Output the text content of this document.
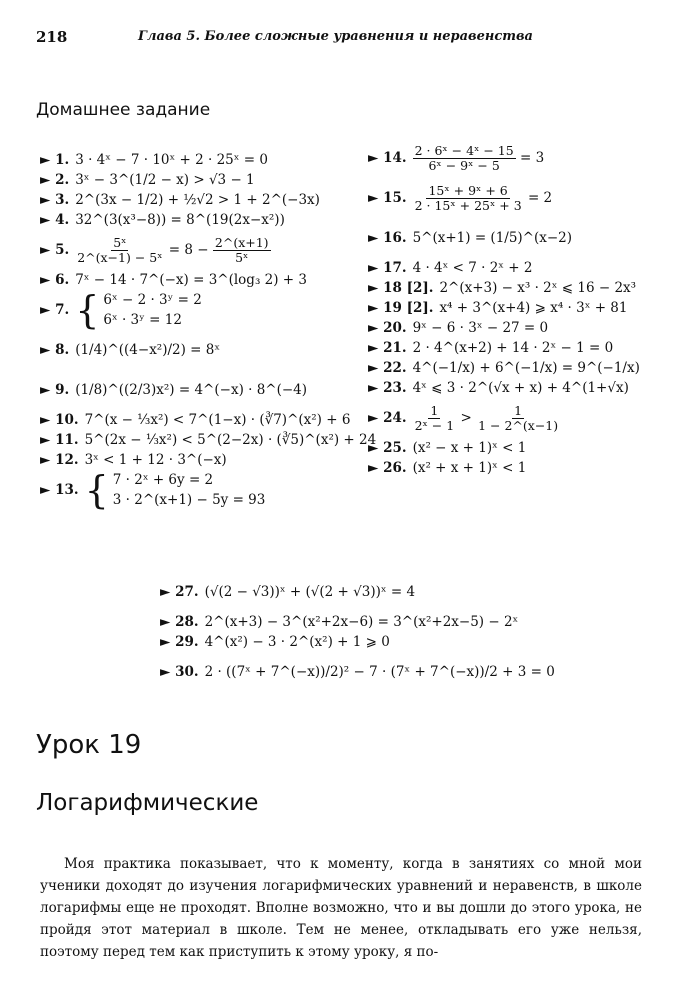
218	Глава 5. Более сложные уравнения и неравенства
Домашнее задание
► 1. 3 · 4ˣ − 7 · 10ˣ + 2 · 25ˣ = 0
► 2. 3ˣ − 3^(1/2 − x) > √3 − 1
► 3. 2^(3x − 1/2) + ½√2 > 1 + 2^(−3x)
► 4. 32^(3(x³−8)) = 8^(19(2x−x²))
► 5. $\frac{\text{5ˣ}}{\text{2\textasciicircum{}(x−1) − 5ˣ}} = 8 - \frac{2\^{}(x+1)}{\text{5ˣ}}$
► 6. 7ˣ − 14 · 7^(−x) = 3^(log₃ 2) + 3
► 7. { 6ˣ − 2 · 3ʸ = 2
6ˣ · 3ʸ = 12
► 8. (1/4)^((4−x²)/2) = 8ˣ
► 9. (1/8)^((2/3)x²) = 4^(−x) · 8^(−4)
► 10. 7^(x − ⅓x²) < 7^(1−x) · (∛7)^(x²) + 6
► 11. 5^(2x − ⅓x²) < 5^(2−2x) · (∛5)^(x²) + 24
► 12. 3ˣ < 1 + 12 · 3^(−x)
► 13. { 7 · 2ˣ + 6y = 2
3 · 2^(x+1) − 5y = 93
► 14. $\frac{\text{2 · 6ˣ − 4ˣ − 15}}{\text{6ˣ − 9ˣ − 5}} = 3$
► 15. $\frac{\text{15ˣ + 9ˣ + 6}}{\text{2 · 15ˣ + 25ˣ + 3}} = 2$
► 16. 5^(x+1) = (1/5)^(x−2)
► 17. 4 · 4ˣ < 7 · 2ˣ + 2
► 18 [2]. 2^(x+3) − x³ · 2ˣ ⩽ 16 − 2x³
► 19 [2]. x⁴ + 3^(x+4) ⩾ x⁴ · 3ˣ + 81
► 20. 9ˣ − 6 · 3ˣ − 27 = 0
► 21. 2 · 4^(x+2) + 14 · 2ˣ − 1 = 0
► 22. 4^(−1/x) + 6^(−1/x) = 9^(−1/x)
► 23. 4ˣ ⩽ 3 · 2^(√x + x) + 4^(1+√x)
► 24. $\frac{1}{\text{2ˣ − 1}} > \frac{1}{1 - 2\^{}(x-1)}$
► 25. (x² − x + 1)ˣ < 1
► 26. (x² + x + 1)ˣ < 1
► 27. (√(2 − √3))ˣ + (√(2 + √3))ˣ = 4
► 28. 2^(x+3) − 3^(x²+2x−6) = 3^(x²+2x−5) − 2ˣ
► 29. 4^(x²) − 3 · 2^(x²) + 1 ⩾ 0
► 30. 2 · ((7ˣ + 7^(−x))/2)² − 7 · (7ˣ + 7^(−x))/2 + 3 = 0
Урок 19
Логарифмические
Моя практика показывает, что к моменту, когда в занятиях со мной мои ученики доходят до изучения логарифмических уравнений и неравенств, в школе логарифмы еще не проходят. Вполне возможно, что и вы дошли до этого урока, не пройдя этот материал в школе. Тем не менее, откладывать его уже нельзя, поэтому перед тем как приступить к этому уроку, я по-
